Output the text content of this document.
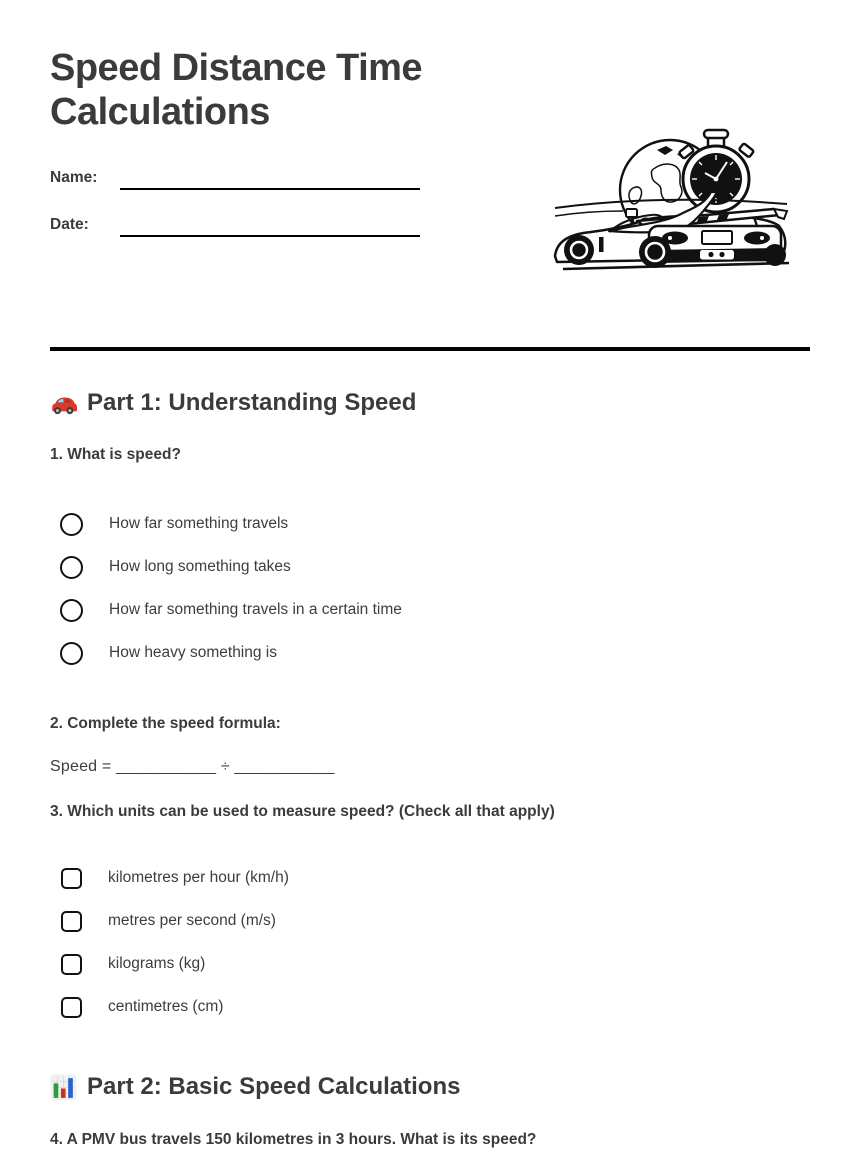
Speed Distance Time Calculations
Name:
Date:
Part 1: Understanding Speed
1. What is speed?
How far something travels
How long something takes
How far something travels in a certain time
How heavy something is
2. Complete the speed formula:
Speed = ___________ ÷ ___________
3. Which units can be used to measure speed? (Check all that apply)
kilometres per hour (km/h)
metres per second (m/s)
kilograms (kg)
centimetres (cm)
Part 2: Basic Speed Calculations
4. A PMV bus travels 150 kilometres in 3 hours. What is its speed?
